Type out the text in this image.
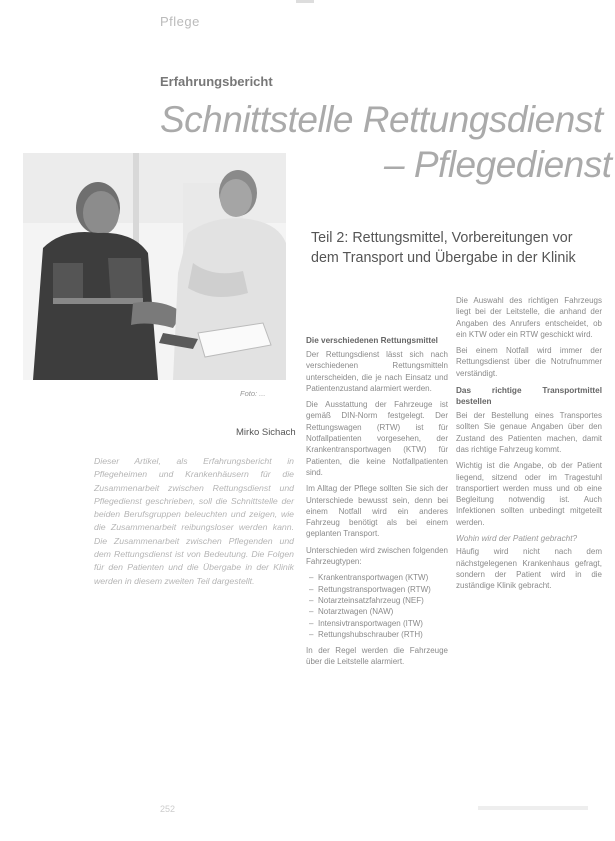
Pflege
Erfahrungsbericht
Schnittstelle Rettungsdienst
– Pflegedienst
Teil 2: Rettungsmittel, Vorbereitungen vor dem Transport und Übergabe in der Klinik
Foto: ...
Mirko Sichach
Dieser Artikel, als Erfahrungsbericht in Pflegeheimen und Krankenhäusern für die Zusammenarbeit zwischen Rettungsdienst und Pflegedienst geschrieben, soll die Schnittstelle der beiden Berufsgruppen beleuchten und zeigen, wie die Zusammenarbeit reibungsloser werden kann. Die Zusammenarbeit zwischen Pflegenden und dem Rettungsdienst ist von Bedeutung. Die Folgen für den Patienten und die Übergabe in der Klinik werden in diesem zweiten Teil dargestellt.

Die verschiedenen Rettungsmittel

Der Rettungsdienst lässt sich nach verschiedenen Rettungsmitteln unterscheiden, die je nach Einsatz und Patientenzustand alarmiert werden.

Die Ausstattung der Fahrzeuge ist gemäß DIN-Norm festgelegt. Der Rettungswagen (RTW) ist für Notfallpatienten vorgesehen, der Krankentransportwagen (KTW) für Patienten, die keine Notfallpatienten sind.

Im Alltag der Pflege sollten Sie sich der Unterschiede bewusst sein, denn bei einem Notfall wird ein anderes Fahrzeug benötigt als bei einem geplanten Transport.

Unterschieden wird zwischen folgenden Fahrzeugtypen:

– Krankentransportwagen (KTW)
– Rettungstransportwagen (RTW)
– Notarzteinsatzfahrzeug (NEF)
– Notarztwagen (NAW)
– Intensivtransportwagen (ITW)
– Rettungshubschrauber (RTH)

In der Regel werden die Fahrzeuge über die Leitstelle alarmiert.

Die Auswahl des richtigen Fahrzeugs liegt bei der Leitstelle, die anhand der Angaben des Anrufers entscheidet, ob ein KTW oder ein RTW geschickt wird.

Bei einem Notfall wird immer der Rettungsdienst über die Notrufnummer verständigt.

Das richtige Transportmittel bestellen

Bei der Bestellung eines Transportes sollten Sie genaue Angaben über den Zustand des Patienten machen, damit das richtige Fahrzeug kommt.

Wichtig ist die Angabe, ob der Patient liegend, sitzend oder im Tragestuhl transportiert werden muss und ob eine Begleitung notwendig ist. Auch Infektionen sollten unbedingt mitgeteilt werden.

Wohin wird der Patient gebracht?

Häufig wird nicht nach dem nächstgelegenen Krankenhaus gefragt, sondern der Patient wird in die zuständige Klinik gebracht.

252
